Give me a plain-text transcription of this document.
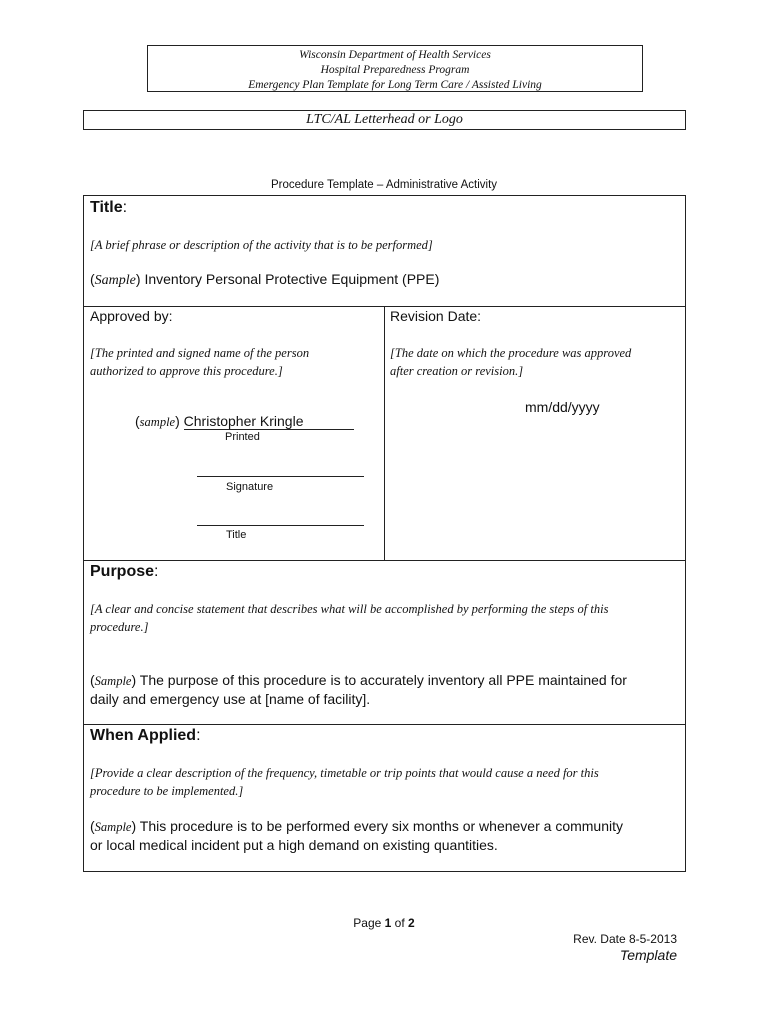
Wisconsin Department of Health Services
Hospital Preparedness Program
Emergency Plan Template for Long Term Care / Assisted Living
LTC/AL Letterhead or Logo
Procedure Template – Administrative Activity
Title:
[A brief phrase or description of the activity that is to be performed]
(Sample) Inventory Personal Protective Equipment (PPE)
Approved by:
[The printed and signed name of the person
authorized to approve this procedure.]
(sample) Christopher Kringle
Printed
Signature
Title
Revision Date:
[The date on which the procedure was approved
after creation or revision.]
mm/dd/yyyy
Purpose:
[A clear and concise statement that describes what will be accomplished by performing the steps of this
procedure.]
(Sample) The purpose of this procedure is to accurately inventory all PPE maintained for
daily and emergency use at [name of facility].
When Applied:
[Provide a clear description of the frequency, timetable or trip points that would cause a need for this
procedure to be implemented.]
(Sample) This procedure is to be performed every six months or whenever a community
or local medical incident put a high demand on existing quantities.
Page 1 of 2
Rev. Date 8-5-2013
Template
